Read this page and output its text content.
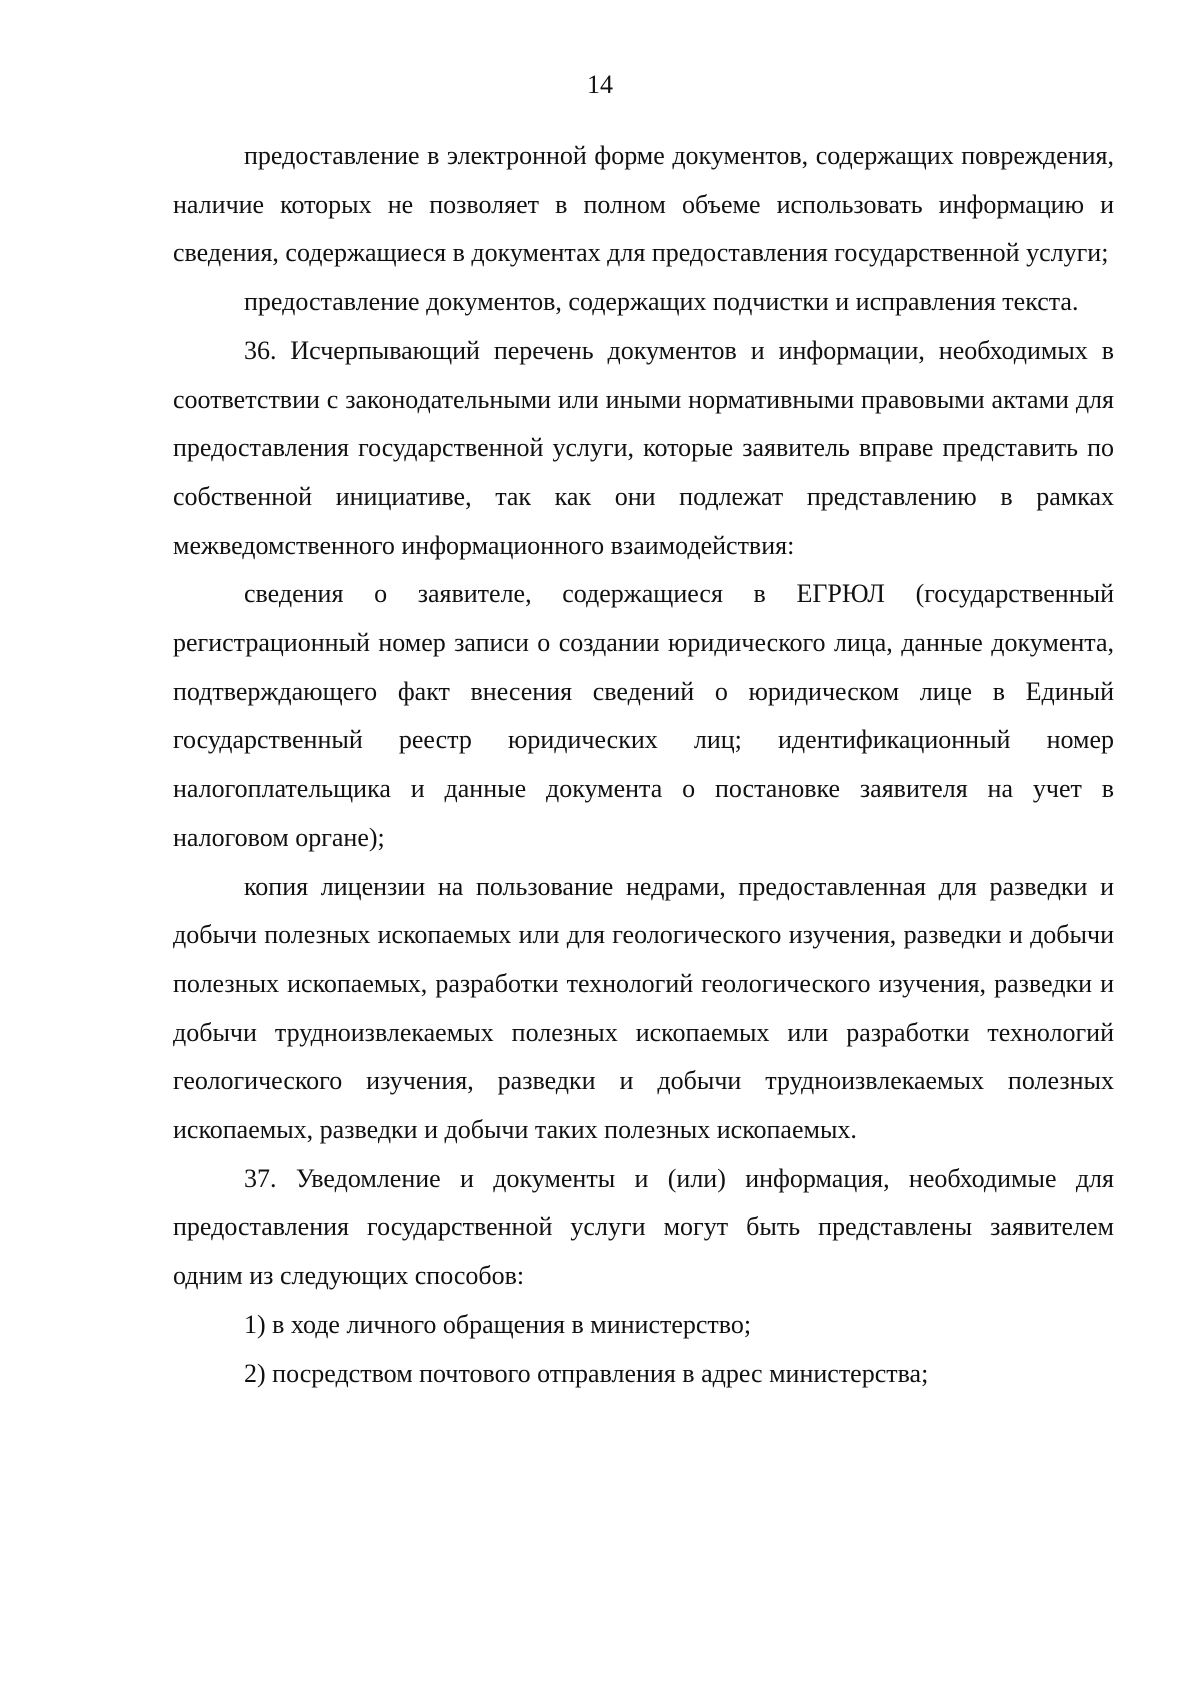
14

предоставление в электронной форме документов, содержащих повреждения, наличие которых не позволяет в полном объеме использовать информацию и сведения, содержащиеся в документах для предоставления государственной услуги;

предоставление документов, содержащих подчистки и исправления текста.

36. Исчерпывающий перечень документов и информации, необходимых в соответствии с законодательными или иными нормативными правовыми актами для предоставления государственной услуги, которые заявитель вправе представить по собственной инициативе, так как они подлежат представлению в рамках межведомственного информационного взаимодействия:

сведения о заявителе, содержащиеся в ЕГРЮЛ (государственный регистрационный номер записи о создании юридического лица, данные документа, подтверждающего факт внесения сведений о юридическом лице в Единый государственный реестр юридических лиц; идентификационный номер налогоплательщика и данные документа о постановке заявителя на учет в налоговом органе);

копия лицензии на пользование недрами, предоставленная для разведки и добычи полезных ископаемых или для геологического изучения, разведки и добычи полезных ископаемых, разработки технологий геологического изучения, разведки и добычи трудноизвлекаемых полезных ископаемых или разработки технологий геологического изучения, разведки и добычи трудноизвлекаемых полезных ископаемых, разведки и добычи таких полезных ископаемых.

37. Уведомление и документы и (или) информация, необходимые для предоставления государственной услуги могут быть представлены заявителем одним из следующих способов:

1) в ходе личного обращения в министерство;

2) посредством почтового отправления в адрес министерства;
